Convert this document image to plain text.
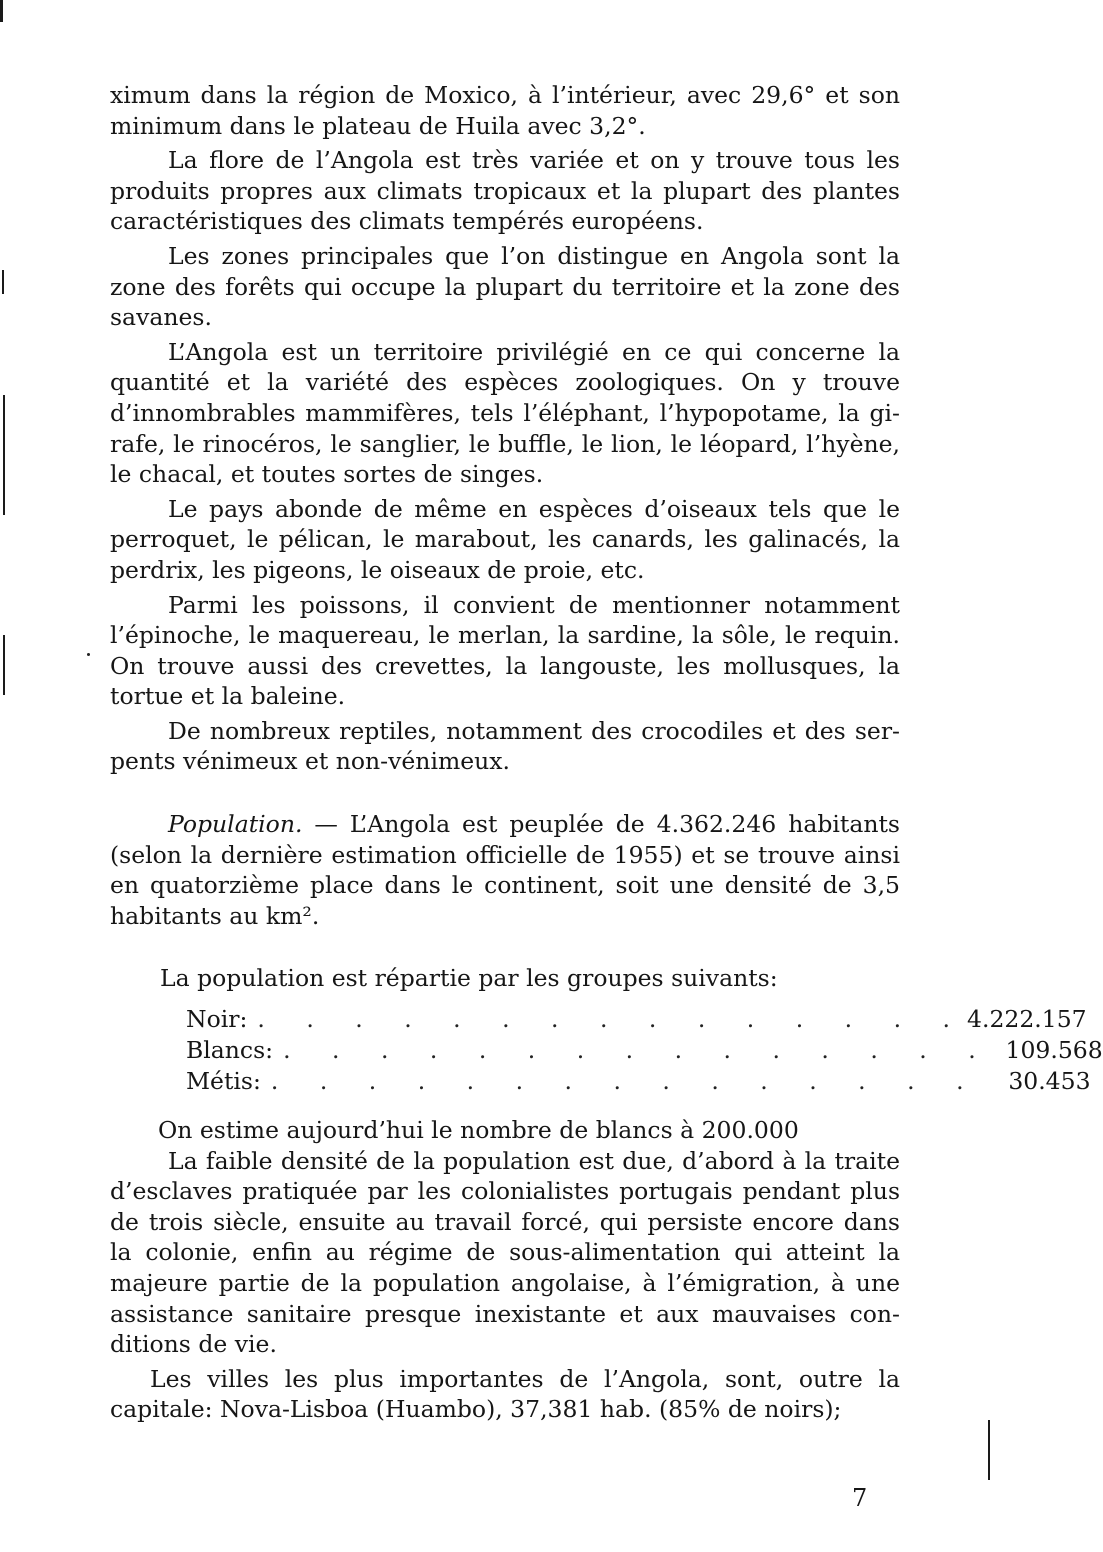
ximum dans la région de Moxico, à l’intérieur, avec 29,6° et son minimum dans le plateau de Huila avec 3,2°.

La flore de l’Angola est très variée et on y trouve tous les produits propres aux climats tropicaux et la plupart des plantes caractéristiques des climats tempérés européens.

Les zones principales que l’on distingue en Angola sont la zone des forêts qui occupe la plupart du territoire et la zone des savanes.

L’Angola est un territoire privilégié en ce qui concerne la quantité et la variété des espèces zoologiques. On y trouve d’innombrables mammifères, tels l’éléphant, l’hypopotame, la gi-rafe, le rinocéros, le sanglier, le buffle, le lion, le léopard, l’hyène, le chacal, et toutes sortes de singes.

Le pays abonde de même en espèces d’oiseaux tels que le perroquet, le pélican, le marabout, les canards, les galinacés, la perdrix, les pigeons, le oiseaux de proie, etc.

Parmi les poissons, il convient de mentionner notamment l’épinoche, le maquereau, le merlan, la sardine, la sôle, le requin. On trouve aussi des crevettes, la langouste, les mollusques, la tortue et la baleine.

De nombreux reptiles, notamment des crocodiles et des ser-pents vénimeux et non-vénimeux.

Population. — L’Angola est peuplée de 4.362.246 habitants (selon la dernière estimation officielle de 1955) et se trouve ainsi en quatorzième place dans le continent, soit une densité de 3,5 habitants au km².

La population est répartie par les groupes suivants:

Noir: . . . . . . . . . . . . . . . 4.222.157
Blancs: . . . . . . . . . . . . . . . 109.568
Métis: . . . . . . . . . . . . . . .	30.453

On estime aujourd’hui le nombre de blancs à 200.000

La faible densité de la population est due, d’abord à la traite d’esclaves pratiquée par les colonialistes portugais pendant plus de trois siècle, ensuite au travail forcé, qui persiste encore dans la colonie, enfin au régime de sous-alimentation qui atteint la majeure partie de la population angolaise, à l’émigration, à une assistance sanitaire presque inexistante et aux mauvaises con-ditions de vie.

Les villes les plus importantes de l’Angola, sont, outre la capitale: Nova-Lisboa (Huambo), 37,381 hab. (85% de noirs);

7
